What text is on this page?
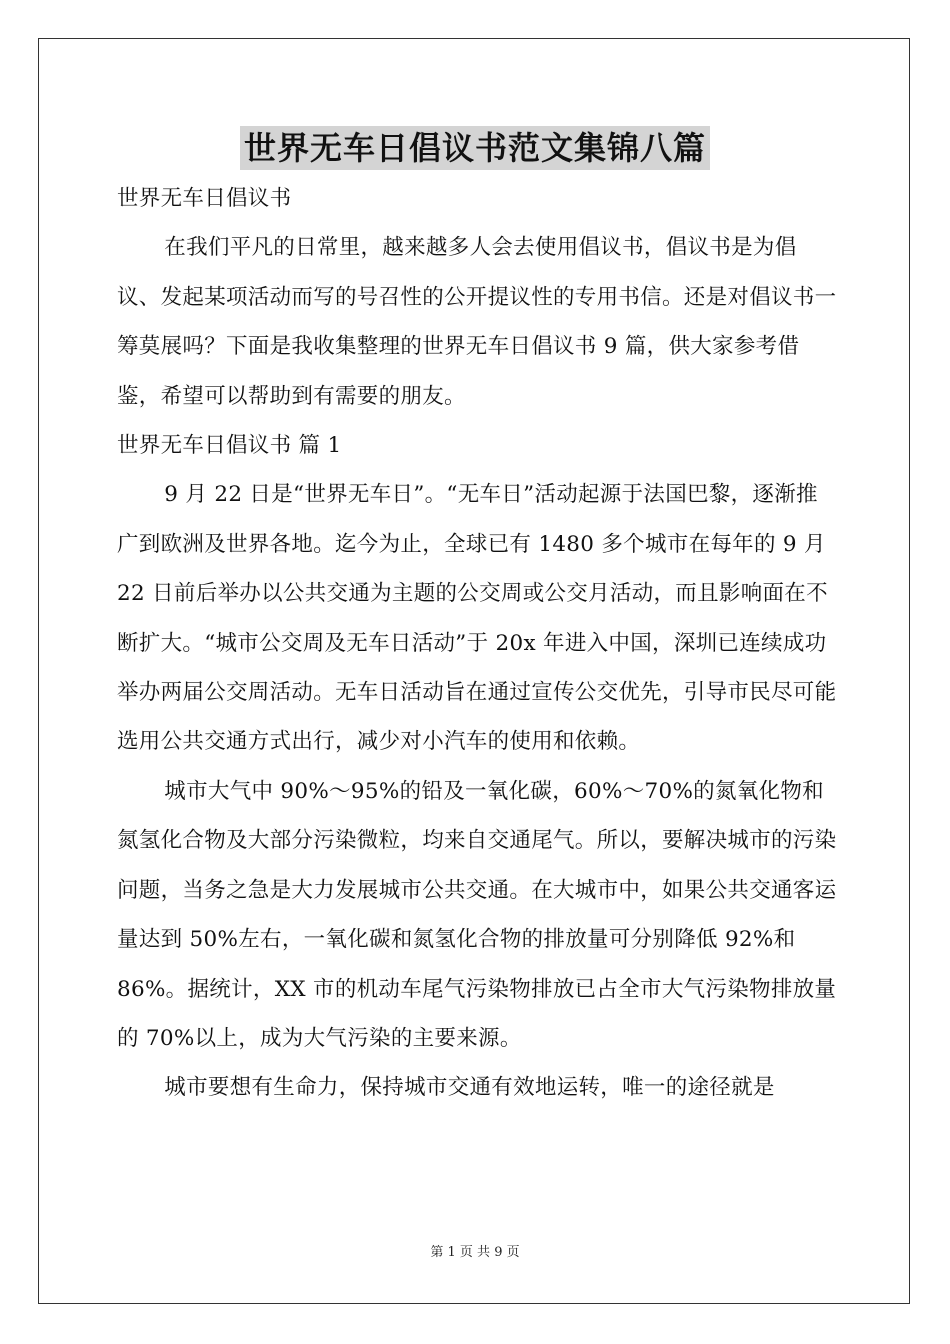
世界无车日倡议书范文集锦八篇

世界无车日倡议书

在我们平凡的日常里，越来越多人会去使用倡议书，倡议书是为倡议、发起某项活动而写的号召性的公开提议性的专用书信。还是对倡议书一筹莫展吗？下面是我收集整理的世界无车日倡议书 9 篇，供大家参考借鉴，希望可以帮助到有需要的朋友。

世界无车日倡议书 篇 1

9 月 22 日是“世界无车日”。“无车日”活动起源于法国巴黎，逐渐推广到欧洲及世界各地。迄今为止，全球已有 1480 多个城市在每年的 9 月 22 日前后举办以公共交通为主题的公交周或公交月活动，而且影响面在不断扩大。“城市公交周及无车日活动”于 20x 年进入中国，深圳已连续成功举办两届公交周活动。无车日活动旨在通过宣传公交优先，引导市民尽可能选用公共交通方式出行，减少对小汽车的使用和依赖。

城市大气中 90%～95%的铅及一氧化碳，60%～70%的氮氧化物和氮氢化合物及大部分污染微粒，均来自交通尾气。所以，要解决城市的污染问题，当务之急是大力发展城市公共交通。在大城市中，如果公共交通客运量达到 50%左右，一氧化碳和氮氢化合物的排放量可分别降低 92%和 86%。据统计，XX 市的机动车尾气污染物排放已占全市大气污染物排放量的 70%以上，成为大气污染的主要来源。

城市要想有生命力，保持城市交通有效地运转，唯一的途径就是

第 1 页 共 9 页
